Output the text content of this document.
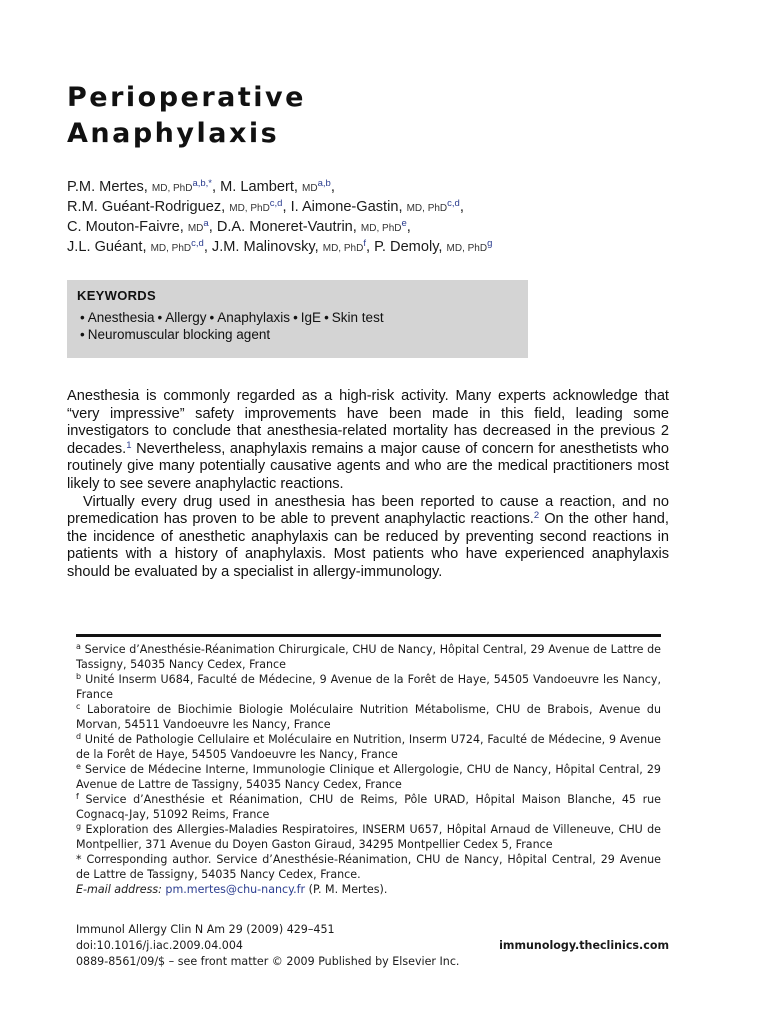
Perioperative
Anaphylaxis
P.M. Mertes, MD, PhD$^{a,b,*}$, M. Lambert, MD$^{a,b}$,
R.M. Guéant-Rodriguez, MD, PhD$^{c,d}$, I. Aimone-Gastin, MD, PhD$^{c,d}$,
C. Mouton-Faivre, MD$^a$, D.A. Moneret-Vautrin, MD, PhD$^e$,
J.L. Guéant, MD, PhD$^{c,d}$, J.M. Malinovsky, MD, PhD$^f$, P. Demoly, MD, PhD$^g$
KEYWORDS
• Anesthesia • Allergy • Anaphylaxis • IgE • Skin test
• Neuromuscular blocking agent

Anesthesia is commonly regarded as a high-risk activity. Many experts acknowledge that “very impressive” safety improvements have been made in this field, leading some investigators to conclude that anesthesia-related mortality has decreased in the previous 2 decades.$^1$ Nevertheless, anaphylaxis remains a major cause of concern for anesthetists who routinely give many potentially causative agents and who are the medical practitioners most likely to see severe anaphylactic reactions.

Virtually every drug used in anesthesia has been reported to cause a reaction, and no premedication has proven to be able to prevent anaphylactic reactions.$^2$ On the other hand, the incidence of anesthetic anaphylaxis can be reduced by preventing second reactions in patients with a history of anaphylaxis. Most patients who have experienced anaphylaxis should be evaluated by a specialist in allergy-immunology.

$^a$ Service d’Anesthésie-Réanimation Chirurgicale, CHU de Nancy, Hôpital Central, 29 Avenue de Lattre de Tassigny, 54035 Nancy Cedex, France

$^b$ Unité Inserm U684, Faculté de Médecine, 9 Avenue de la Forêt de Haye, 54505 Vandoeuvre les Nancy, France

$^c$ Laboratoire de Biochimie Biologie Moléculaire Nutrition Métabolisme, CHU de Brabois, Avenue du Morvan, 54511 Vandoeuvre les Nancy, France

$^d$ Unité de Pathologie Cellulaire et Moléculaire en Nutrition, Inserm U724, Faculté de Médecine, 9 Avenue de la Forêt de Haye, 54505 Vandoeuvre les Nancy, France

$^e$ Service de Médecine Interne, Immunologie Clinique et Allergologie, CHU de Nancy, Hôpital Central, 29 Avenue de Lattre de Tassigny, 54035 Nancy Cedex, France

$^f$ Service d’Anesthésie et Réanimation, CHU de Reims, Pôle URAD, Hôpital Maison Blanche, 45 rue Cognacq-Jay, 51092 Reims, France

$^g$ Exploration des Allergies-Maladies Respiratoires, INSERM U657, Hôpital Arnaud de Villeneuve, CHU de Montpellier, 371 Avenue du Doyen Gaston Giraud, 34295 Montpellier Cedex 5, France

* Corresponding author. Service d’Anesthésie-Réanimation, CHU de Nancy, Hôpital Central, 29 Avenue de Lattre de Tassigny, 54035 Nancy Cedex, France.

E-mail address: pm.mertes@chu-nancy.fr (P. M. Mertes).

Immunol Allergy Clin N Am 29 (2009) 429–451
doi:10.1016/j.iac.2009.04.004	immunology.theclinics.com
0889-8561/09/$ – see front matter © 2009 Published by Elsevier Inc.
